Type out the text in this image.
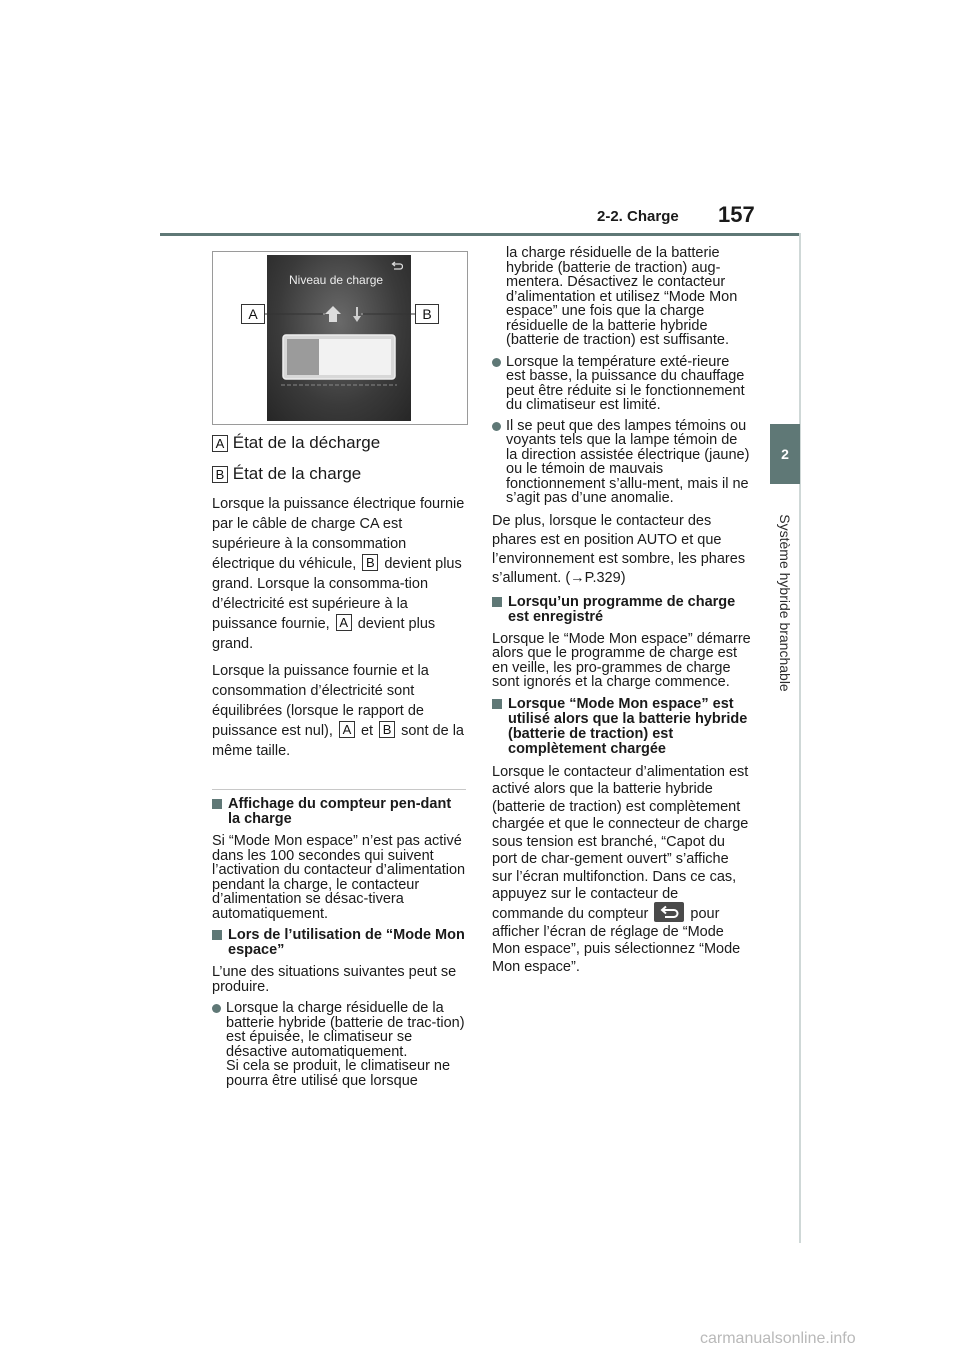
2-2. Charge 157
2
Système hybride branchable
Niveau de charge
A	B
A État de la décharge
B État de la charge

Lorsque la puissance électrique fournie par le câble de charge CA est supérieure à la consommation électrique du véhicule, B devient plus grand. Lorsque la consomma-tion d’électricité est supérieure à la puissance fournie, A devient plus grand.

Lorsque la puissance fournie et la consommation d’électricité sont équilibrées (lorsque le rapport de puissance est nul), A et B sont de la même taille.

Affichage du compteur pen-dant la charge

Si “Mode Mon espace” n’est pas activé dans les 100 secondes qui suivent l’activation du contacteur d’alimentation pendant la charge, le contacteur d’alimentation se désac-tivera automatiquement.

Lors de l’utilisation de “Mode Mon espace”

L’une des situations suivantes peut se produire.

Lorsque la charge résiduelle de la batterie hybride (batterie de trac-tion) est épuisée, le climatiseur se désactive automatiquement.
Si cela se produit, le climatiseur ne pourra être utilisé que lorsque

la charge résiduelle de la batterie hybride (batterie de traction) aug-mentera. Désactivez le contacteur d’alimentation et utilisez “Mode Mon espace” une fois que la charge résiduelle de la batterie hybride (batterie de traction) est suffisante.

Lorsque la température exté-rieure est basse, la puissance du chauffage peut être réduite si le fonctionnement du climatiseur est limité.
Il se peut que des lampes témoins ou voyants tels que la lampe témoin de la direction assistée électrique (jaune) ou le témoin de mauvais fonctionnement s’allu-ment, mais il ne s’agit pas d’une anomalie.

De plus, lorsque le contacteur des phares est en position AUTO et que l’environnement est sombre, les phares s’allument. (→P.329)

Lorsqu’un programme de charge est enregistré

Lorsque le “Mode Mon espace” démarre alors que le programme de charge est en veille, les pro-grammes de charge sont ignorés et la charge commence.

Lorsque “Mode Mon espace” est utilisé alors que la batterie hybride (batterie de traction) est complètement chargée

Lorsque le contacteur d’alimentation est activé alors que la batterie hybride (batterie de traction) est complètement chargée et que le connecteur de charge sous tension est branché, “Capot du port de char-gement ouvert” s’affiche sur l’écran multifonction. Dans ce cas, appuyez sur le contacteur de commande du compteur  pour afficher l’écran de réglage de “Mode Mon espace”, puis sélectionnez “Mode Mon espace”.

carmanualsonline.info
